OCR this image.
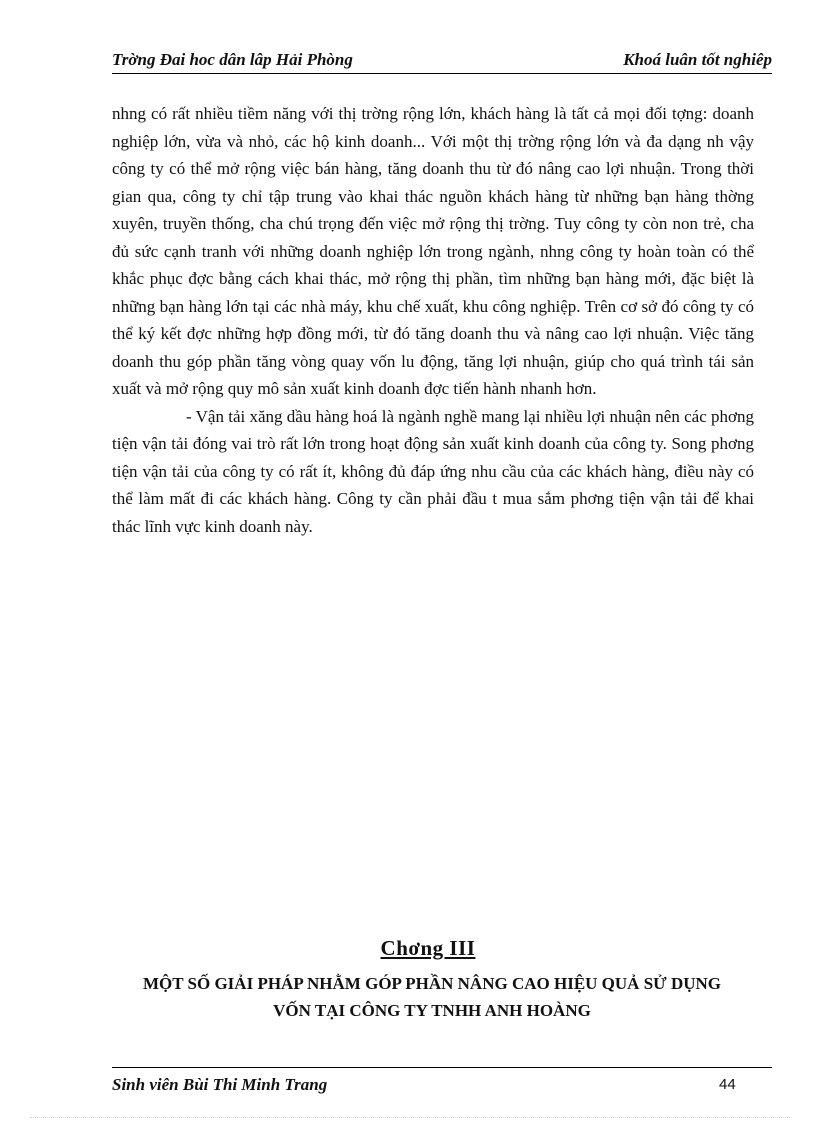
Trờng Đai hoc dân lâp Hải Phòng	Khoá luân tốt nghiêp

nhng có rất nhiều tiềm năng với thị trờng rộng lớn, khách hàng là tất cả mọi đối tợng: doanh nghiệp lớn, vừa và nhỏ, các hộ kinh doanh... Với một thị trờng rộng lớn và đa dạng nh vậy công ty có thể mở rộng việc bán hàng, tăng doanh thu từ đó nâng cao lợi nhuận. Trong thời gian qua, công ty chỉ tập trung vào khai thác nguồn khách hàng từ những bạn hàng thờng xuyên, truyền thống, cha chú trọng đến việc mở rộng thị trờng. Tuy công ty còn non trẻ, cha đủ sức cạnh tranh với những doanh nghiệp lớn trong ngành, nhng công ty hoàn toàn có thể khắc phục đợc bằng cách khai thác, mở rộng thị phần, tìm những bạn hàng mới, đặc biệt là những bạn hàng lớn tại các nhà máy, khu chế xuất, khu công nghiệp. Trên cơ sở đó công ty có thể ký kết đợc những hợp đồng mới, từ đó tăng doanh thu và nâng cao lợi nhuận. Việc tăng doanh thu góp phần tăng vòng quay vốn lu động, tăng lợi nhuận, giúp cho quá trình tái sản xuất và mở rộng quy mô sản xuất kinh doanh đợc tiến hành nhanh hơn.

- Vận tải xăng dầu hàng hoá là ngành nghề mang lại nhiều lợi nhuận nên các phơng tiện vận tải đóng vai trò rất lớn trong hoạt động sản xuất kinh doanh của công ty. Song phơng tiện vận tải của công ty có rất ít, không đủ đáp ứng nhu cầu của các khách hàng, điều này có thể làm mất đi các khách hàng. Công ty cần phải đầu t mua sắm phơng tiện vận tải để khai thác lĩnh vực kinh doanh này.

Chơng III
MỘT SỐ GIẢI PHÁP NHẰM GÓP PHẦN NÂNG CAO HIỆU QUẢ SỬ DỤNG
VỐN TẠI CÔNG TY TNHH ANH HOÀNG
Sinh viên Bùi Thi Minh Trang	44
